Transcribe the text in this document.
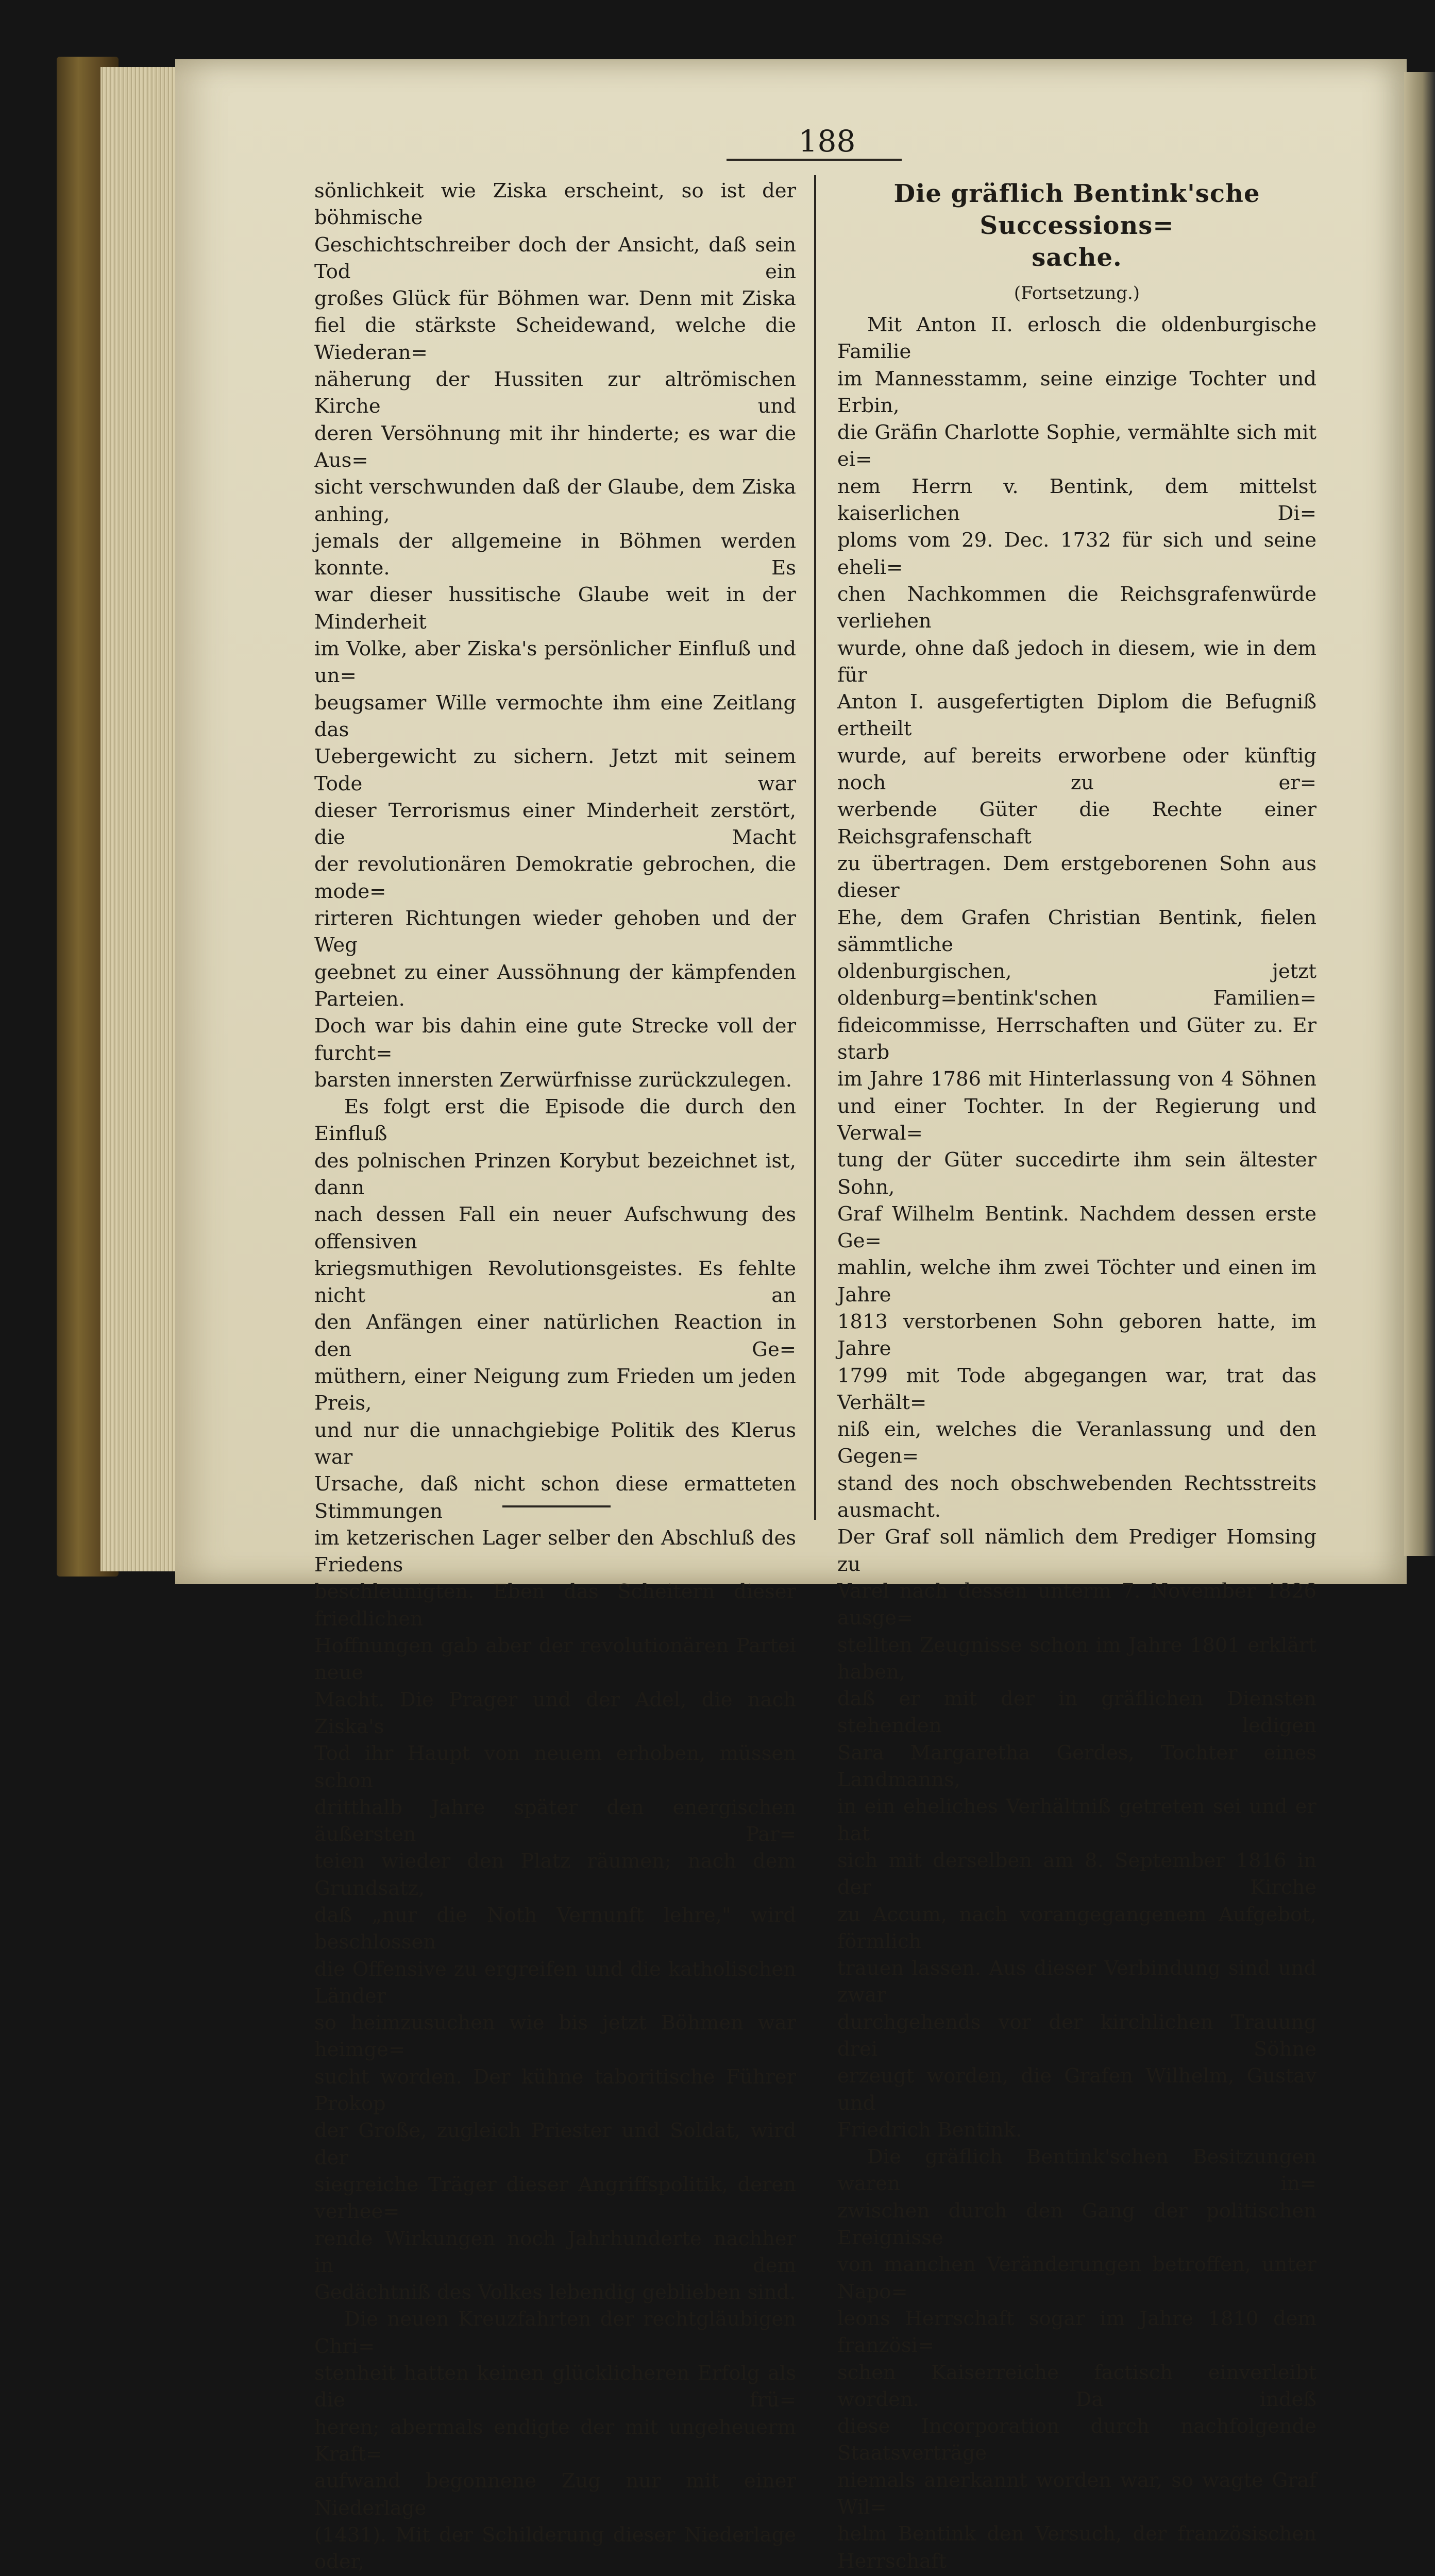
188

sönlichkeit wie Ziska erscheint, so ist der böhmische
Geschichtschreiber doch der Ansicht, daß sein Tod ein
großes Glück für Böhmen war. Denn mit Ziska
fiel die stärkste Scheidewand, welche die Wiederan=
näherung der Hussiten zur altrömischen Kirche und
deren Versöhnung mit ihr hinderte; es war die Aus=
sicht verschwunden daß der Glaube, dem Ziska anhing,
jemals der allgemeine in Böhmen werden konnte. Es
war dieser hussitische Glaube weit in der Minderheit
im Volke, aber Ziska's persönlicher Einfluß und un=
beugsamer Wille vermochte ihm eine Zeitlang das
Uebergewicht zu sichern. Jetzt mit seinem Tode war
dieser Terrorismus einer Minderheit zerstört, die Macht
der revolutionären Demokratie gebrochen, die mode=
rirteren Richtungen wieder gehoben und der Weg
geebnet zu einer Aussöhnung der kämpfenden Parteien.
Doch war bis dahin eine gute Strecke voll der furcht=
barsten innersten Zerwürfnisse zurückzulegen.

Es folgt erst die Episode die durch den Einfluß
des polnischen Prinzen Korybut bezeichnet ist, dann
nach dessen Fall ein neuer Aufschwung des offensiven
kriegsmuthigen Revolutionsgeistes. Es fehlte nicht an
den Anfängen einer natürlichen Reaction in den Ge=
müthern, einer Neigung zum Frieden um jeden Preis,
und nur die unnachgiebige Politik des Klerus war
Ursache, daß nicht schon diese ermatteten Stimmungen
im ketzerischen Lager selber den Abschluß des Friedens
beschleunigten. Eben das Scheitern dieser friedlichen
Hoffnungen gab aber der revolutionären Partei neue
Macht. Die Prager und der Adel, die nach Ziska's
Tod ihr Haupt von neuem erhoben, müssen schon
dritthalb Jahre später den energischen äußersten Par=
teien wieder den Platz räumen; nach dem Grundsatz,
daß „nur die Noth Vernunft lehre," wird beschlossen
die Offensive zu ergreifen und die katholischen Länder
so heimzusuchen wie bis jetzt Böhmen war heimge=
sucht worden. Der kühne taboritische Führer Prokop
der Große, zugleich Priester und Soldat, wird der
siegreiche Träger dieser Angriffspolitik, deren verhee=
rende Wirkungen noch Jahrhunderte nachher in dem
Gedächtniß des Volkes lebendig geblieben sind.

Die neuen Kreuzfahrten der rechtgläubigen Chri=
stenheit hatten keinen glücklicheren Erfolg als die frü=
heren; abermals endigte der mit ungeheuerm Kraft=
aufwand begonnene Zug nur mit einer Niederlage
(1431). Mit der Schilderung dieser Niederlage oder,

Die gräflich Bentink'sche Successions=
sache.
(Fortsetzung.)

Mit Anton II. erlosch die oldenburgische Familie
im Mannesstamm, seine einzige Tochter und Erbin,
die Gräfin Charlotte Sophie, vermählte sich mit ei=
nem Herrn v. Bentink, dem mittelst kaiserlichen Di=
ploms vom 29. Dec. 1732 für sich und seine eheli=
chen Nachkommen die Reichsgrafenwürde verliehen
wurde, ohne daß jedoch in diesem, wie in dem für
Anton I. ausgefertigten Diplom die Befugniß ertheilt
wurde, auf bereits erworbene oder künftig noch zu er=
werbende Güter die Rechte einer Reichsgrafenschaft
zu übertragen. Dem erstgeborenen Sohn aus dieser
Ehe, dem Grafen Christian Bentink, fielen sämmtliche
oldenburgischen, jetzt oldenburg=bentink'schen Familien=
fideicommisse, Herrschaften und Güter zu. Er starb
im Jahre 1786 mit Hinterlassung von 4 Söhnen
und einer Tochter. In der Regierung und Verwal=
tung der Güter succedirte ihm sein ältester Sohn,
Graf Wilhelm Bentink. Nachdem dessen erste Ge=
mahlin, welche ihm zwei Töchter und einen im Jahre
1813 verstorbenen Sohn geboren hatte, im Jahre
1799 mit Tode abgegangen war, trat das Verhält=
niß ein, welches die Veranlassung und den Gegen=
stand des noch obschwebenden Rechtsstreits ausmacht.
Der Graf soll nämlich dem Prediger Homsing zu
Varel nach dessen unterm 7. November 1826 ausge=
stellten Zeugnisse schon im Jahre 1801 erklärt haben,
daß er mit der in gräflichen Diensten stehenden ledigen
Sara Margaretha Gerdes, Tochter eines Landmanns,
in ein eheliches Verhältniß getreten sei und er hat
sich mit derselben am 8. September 1816 in der Kirche
zu Accum, nach vorangegangenem Aufgebot, förmlich
trauen lassen. Aus dieser Verbindung sind und zwar
durchgehends vor der kirchlichen Trauung drei Söhne
erzeugt worden, die Grafen Wilhelm, Gustav und
Friedrich Bentink.

Die gräflich Bentink'schen Besitzungen waren in=
zwischen durch den Gang der politischen Ereignisse
von manchen Veränderungen betroffen, unter Napo=
leons Herrschaft sogar im Jahre 1810 dem französi=
schen Kaiserreiche factisch einverleibt worden. Da indeß
diese Incorporation durch nachfolgende Staatsverträge
niemals anerkannt worden war, so wagte Graf Wil=
helm Bentink den Versuch, der französischen Herrschaft
